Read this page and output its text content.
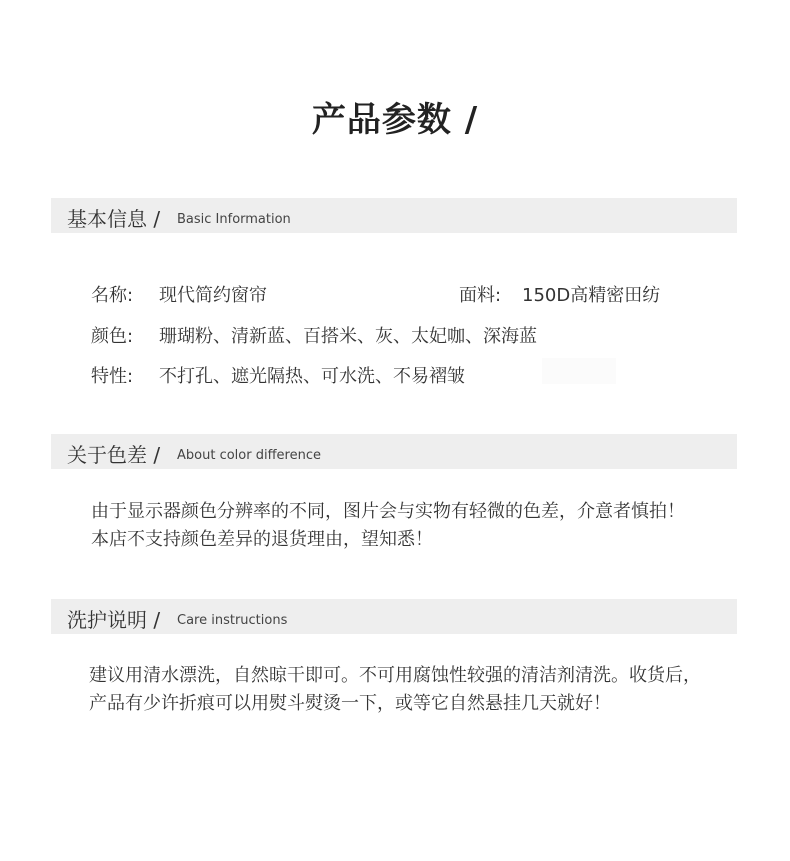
产品参数 /
基本信息 / Basic Information
名称: 现代简约窗帘	面料: 150D高精密田纺
颜色: 珊瑚粉、清新蓝、百搭米、灰、太妃咖、深海蓝
特性: 不打孔、遮光隔热、可水洗、不易褶皱
关于色差 / About color difference
由于显示器颜色分辨率的不同，图片会与实物有轻微的色差，介意者慎拍！
本店不支持颜色差异的退货理由，望知悉！
洗护说明 / Care instructions
建议用清水漂洗，自然晾干即可。不可用腐蚀性较强的清洁剂清洗。收货后，
产品有少许折痕可以用熨斗熨烫一下，或等它自然悬挂几天就好！
